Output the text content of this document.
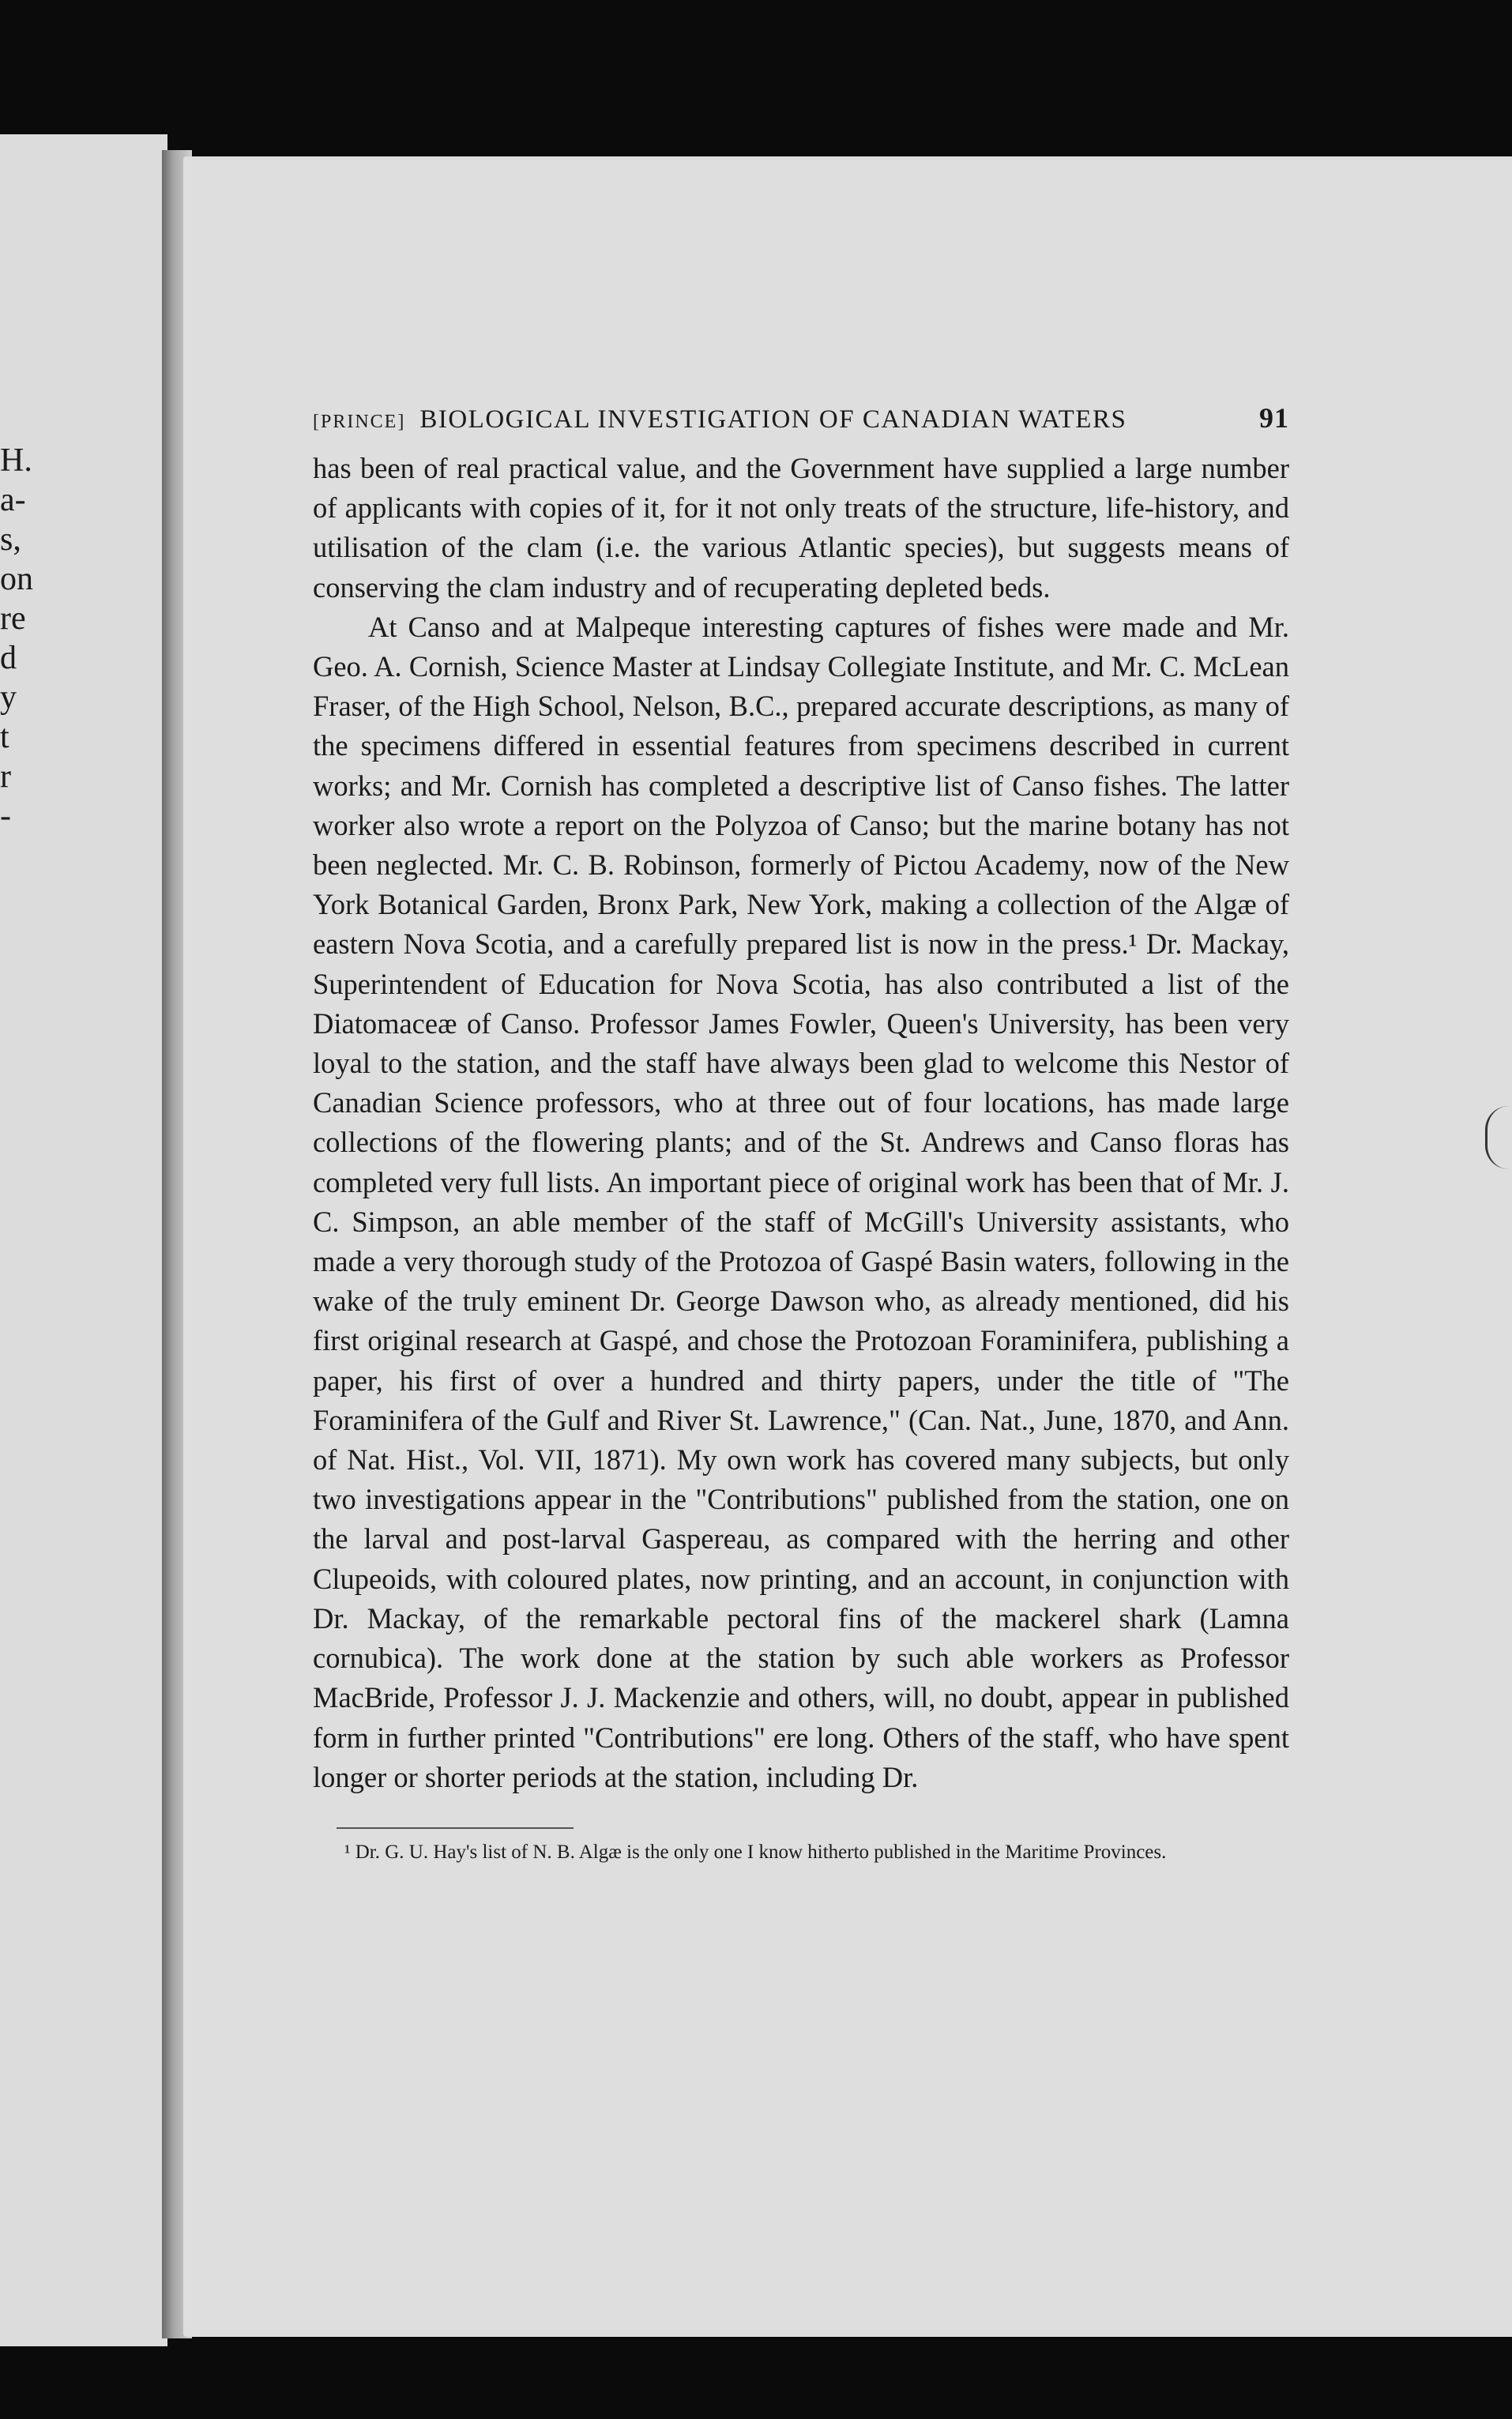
H.
a-
s,
on
re
d
y
t
r
-
[PRINCE] BIOLOGICAL INVESTIGATION OF CANADIAN WATERS	91

has been of real practical value, and the Government have supplied a large number of applicants with copies of it, for it not only treats of the structure, life-history, and utilisation of the clam (i.e. the various Atlantic species), but suggests means of conserving the clam industry and of recuperating depleted beds.

At Canso and at Malpeque interesting captures of fishes were made and Mr. Geo. A. Cornish, Science Master at Lindsay Collegiate Institute, and Mr. C. McLean Fraser, of the High School, Nelson, B.C., prepared accurate descriptions, as many of the specimens differed in essential features from specimens described in current works; and Mr. Cornish has completed a descriptive list of Canso fishes. The latter worker also wrote a report on the Polyzoa of Canso; but the marine botany has not been neglected. Mr. C. B. Robinson, formerly of Pictou Academy, now of the New York Botanical Garden, Bronx Park, New York, making a collection of the Algæ of eastern Nova Scotia, and a carefully prepared list is now in the press.¹ Dr. Mackay, Superintendent of Education for Nova Scotia, has also contributed a list of the Diatomaceæ of Canso. Professor James Fowler, Queen's University, has been very loyal to the station, and the staff have always been glad to welcome this Nestor of Canadian Science professors, who at three out of four locations, has made large collections of the flowering plants; and of the St. Andrews and Canso floras has completed very full lists. An important piece of original work has been that of Mr. J. C. Simpson, an able member of the staff of McGill's University assistants, who made a very thorough study of the Protozoa of Gaspé Basin waters, following in the wake of the truly eminent Dr. George Dawson who, as already mentioned, did his first original research at Gaspé, and chose the Protozoan Foraminifera, publishing a paper, his first of over a hundred and thirty papers, under the title of "The Foraminifera of the Gulf and River St. Lawrence," (Can. Nat., June, 1870, and Ann. of Nat. Hist., Vol. VII, 1871). My own work has covered many subjects, but only two investigations appear in the "Contributions" published from the station, one on the larval and post-larval Gaspereau, as compared with the herring and other Clupeoids, with coloured plates, now printing, and an account, in conjunction with Dr. Mackay, of the remarkable pectoral fins of the mackerel shark (Lamna cornubica). The work done at the station by such able workers as Professor MacBride, Professor J. J. Mackenzie and others, will, no doubt, appear in published form in further printed "Contributions" ere long. Others of the staff, who have spent longer or shorter periods at the station, including Dr.

¹ Dr. G. U. Hay's list of N. B. Algæ is the only one I know hitherto published in the Maritime Provinces.
